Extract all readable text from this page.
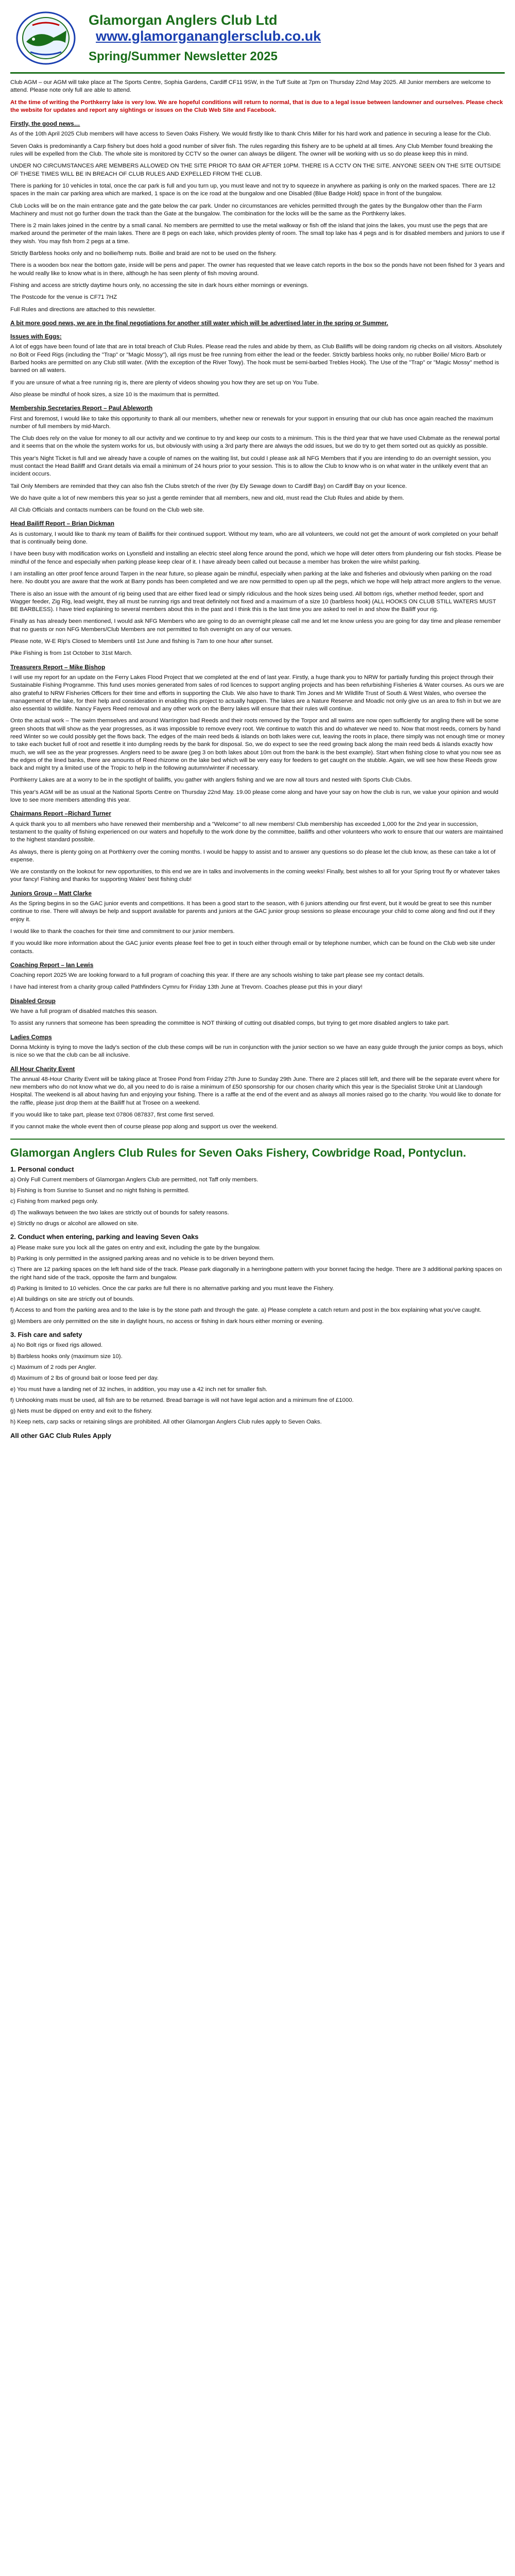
Glamorgan Anglers Club Ltd www.glamorgananglersclub.co.uk
Spring/Summer Newsletter 2025

Club AGM – our AGM will take place at The Sports Centre, Sophia Gardens, Cardiff CF11 9SW, in the Tuff Suite at 7pm on Thursday 22nd May 2025. All Junior members are welcome to attend. Please note only full are able to attend.

At the time of writing the Porthkerry lake is very low. We are hopeful conditions will return to normal, that is due to a legal issue between landowner and ourselves. Please check the website for updates and report any sightings or issues on the Club Web Site and Facebook.

Firstly, the good news…

As of the 10th April 2025 Club members will have access to Seven Oaks Fishery. We would firstly like to thank Chris Miller for his hard work and patience in securing a lease for the Club.

Seven Oaks is predominantly a Carp fishery but does hold a good number of silver fish. The rules regarding this fishery are to be upheld at all times. Any Club Member found breaking the rules will be expelled from the Club. The whole site is monitored by CCTV so the owner can always be diligent. The owner will be working with us so do please keep this in mind.

UNDER NO CIRCUMSTANCES ARE MEMBERS ALLOWED ON THE SITE PRIOR TO 8AM OR AFTER 10PM. THERE IS A CCTV ON THE SITE. ANYONE SEEN ON THE SITE OUTSIDE OF THESE TIMES WILL BE IN BREACH OF CLUB RULES AND EXPELLED FROM THE CLUB.

There is parking for 10 vehicles in total, once the car park is full and you turn up, you must leave and not try to squeeze in anywhere as parking is only on the marked spaces. There are 12 spaces in the main car parking area which are marked, 1 space is on the ice road at the bungalow and one Disabled (Blue Badge Hold) space in front of the bungalow.

Club Locks will be on the main entrance gate and the gate below the car park. Under no circumstances are vehicles permitted through the gates by the Bungalow other than the Farm Machinery and must not go further down the track than the Gate at the bungalow. The combination for the locks will be the same as the Porthkerry lakes.

There is 2 main lakes joined in the centre by a small canal. No members are permitted to use the metal walkway or fish off the island that joins the lakes, you must use the pegs that are marked around the perimeter of the main lakes. There are 8 pegs on each lake, which provides plenty of room. The small top lake has 4 pegs and is for disabled members and juniors to use if they wish. You may fish from 2 pegs at a time.

Strictly Barbless hooks only and no boilie/hemp nuts. Boilie and braid are not to be used on the fishery.

There is a wooden box near the bottom gate, inside will be pens and paper. The owner has requested that we leave catch reports in the box so the ponds have not been fished for 3 years and he would really like to know what is in there, although he has seen plenty of fish moving around.

Fishing and access are strictly daytime hours only, no accessing the site in dark hours either mornings or evenings.

The Postcode for the venue is CF71 7HZ

Full Rules and directions are attached to this newsletter.

A bit more good news, we are in the final negotiations for another still water which will be advertised later in the spring or Summer.
Issues with Eggs:

A lot of eggs have been found of late that are in total breach of Club Rules. Please read the rules and abide by them, as Club Bailiffs will be doing random rig checks on all visitors. Absolutely no Bolt or Feed Rigs (including the "Trap" or "Magic Mossy"), all rigs must be free running from either the lead or the feeder. Strictly barbless hooks only, no rubber Boilie/ Micro Barb or Barbed hooks are permitted on any Club still water. (With the exception of the River Towy). The hook must be semi-barbed Trebles Hook). The Use of the "Trap" or "Magic Mossy" method is banned on all waters.

If you are unsure of what a free running rig is, there are plenty of videos showing you how they are set up on You Tube.

Also please be mindful of hook sizes, a size 10 is the maximum that is permitted.

Membership Secretaries Report – Paul Ableworth

First and foremost, I would like to take this opportunity to thank all our members, whether new or renewals for your support in ensuring that our club has once again reached the maximum number of full members by mid-March.

The Club does rely on the value for money to all our activity and we continue to try and keep our costs to a minimum. This is the third year that we have used Clubmate as the renewal portal and it seems that on the whole the system works for us, but obviously with using a 3rd party there are always the odd issues, but we do try to get them sorted out as quickly as possible.

This year's Night Ticket is full and we already have a couple of names on the waiting list, but could I please ask all NFG Members that if you are intending to do an overnight session, you must contact the Head Bailiff and Grant details via email a minimum of 24 hours prior to your session. This is to allow the Club to know who is on what water in the unlikely event that an incident occurs.

Tail Only Members are reminded that they can also fish the Clubs stretch of the river (by Ely Sewage down to Cardiff Bay) on Cardiff Bay on your licence.

We do have quite a lot of new members this year so just a gentle reminder that all members, new and old, must read the Club Rules and abide by them.

All Club Officials and contacts numbers can be found on the Club web site.

Head Bailiff Report – Brian Dickman

As is customary, I would like to thank my team of Bailiffs for their continued support. Without my team, who are all volunteers, we could not get the amount of work completed on your behalf that is continually being done.

I have been busy with modification works on Lyonsfield and installing an electric steel along fence around the pond, which we hope will deter otters from plundering our fish stocks. Please be mindful of the fence and especially when parking please keep clear of it. I have already been called out because a member has broken the wire whilst parking.

I am installing an otter proof fence around Tarpen in the near future, so please again be mindful, especially when parking at the lake and fisheries and obviously when parking on the road here. No doubt you are aware that the work at Barry ponds has been completed and we are now permitted to open up all the pegs, which we hope will help attract more anglers to the venue.

There is also an issue with the amount of rig being used that are either fixed lead or simply ridiculous and the hook sizes being used. All bottom rigs, whether method feeder, sport and Wagger feeder, Zig Rig, lead weight, they all must be running rigs and treat definitely not fixed and a maximum of a size 10 (barbless hook) (ALL HOOKS ON CLUB STILL WATERS MUST BE BARBLESS). I have tried explaining to several members about this in the past and I think this is the last time you are asked to reel in and show the Bailiff your rig.

Finally as has already been mentioned, I would ask NFG Members who are going to do an overnight please call me and let me know unless you are going for day time and please remember that no guests or non NFG Members/Club Members are not permitted to fish overnight on any of our venues.

Please note, W-E Rip's Closed to Members until 1st June and fishing is 7am to one hour after sunset.

Pike Fishing is from 1st October to 31st March.

Treasurers Report – Mike Bishop

I will use my report for an update on the Ferry Lakes Flood Project that we completed at the end of last year. Firstly, a huge thank you to NRW for partially funding this project through their Sustainable Fishing Programme. This fund uses monies generated from sales of rod licences to support angling projects and has been refurbishing Fisheries & Water courses. As ours we are also grateful to NRW Fisheries Officers for their time and efforts in supporting the Club. We also have to thank Tim Jones and Mr Wildlife Trust of South & West Wales, who oversee the management of the lake, for their help and consideration in enabling this project to actually happen. The lakes are a Nature Reserve and Moadic not only give us an area to fish in but we are also essential to wildlife. Nancy Fayers Reed removal and any other work on the Berry lakes will ensure that their rules will continue.

Onto the actual work – The swim themselves and around Warrington bad Reeds and their roots removed by the Torpor and all swims are now open sufficiently for angling there will be some green shoots that will show as the year progresses, as it was impossible to remove every root. We continue to watch this and do whatever we need to. Now that most reeds, corners by hand reed Winter so we could possibly get the flows back. The edges of the main reed beds & islands on both lakes were cut, leaving the roots in place, there simply was not enough time or money to take each bucket full of root and resettle it into dumpling reeds by the bank for disposal. So, we do expect to see the reed growing back along the main reed beds & islands exactly how much, we will see as the year progresses. Anglers need to be aware (peg 3 on both lakes about 10m out from the bank is the best example). Start when fishing close to what you now see as the edges of the lined banks, there are amounts of Reed rhizome on the lake bed which will be very easy for feeders to get caught on the stubble. Again, we will see how these Reeds grow back and might try a limited use of the Tropic to help in the following autumn/winter if necessary.

Porthkerry Lakes are at a worry to be in the spotlight of bailiffs, you gather with anglers fishing and we are now all tours and nested with Sports Club Clubs.

This year's AGM will be as usual at the National Sports Centre on Thursday 22nd May. 19.00 please come along and have your say on how the club is run, we value your opinion and would love to see more members attending this year.

Chairmans Report –Richard Turner

A quick thank you to all members who have renewed their membership and a "Welcome" to all new members! Club membership has exceeded 1,000 for the 2nd year in succession, testament to the quality of fishing experienced on our waters and hopefully to the work done by the committee, bailiffs and other volunteers who work to ensure that our waters are maintained to the highest standard possible.

As always, there is plenty going on at Porthkerry over the coming months. I would be happy to assist and to answer any questions so do please let the club know, as these can take a lot of expense.

We are constantly on the lookout for new opportunities, to this end we are in talks and involvements in the coming weeks! Finally, best wishes to all for your Spring trout fly or whatever takes your fancy! Fishing and thanks for supporting Wales' best fishing club!

Juniors Group – Matt Clarke

As the Spring begins in so the GAC junior events and competitions. It has been a good start to the season, with 6 juniors attending our first event, but it would be great to see this number continue to rise. There will always be help and support available for parents and juniors at the GAC junior group sessions so please encourage your child to come along and find out if they enjoy it.

I would like to thank the coaches for their time and commitment to our junior members.

If you would like more information about the GAC junior events please feel free to get in touch either through email or by telephone number, which can be found on the Club web site under contacts.

Coaching Report – Ian Lewis

Coaching report 2025 We are looking forward to a full program of coaching this year. If there are any schools wishing to take part please see my contact details.

I have had interest from a charity group called Pathfinders Cymru for Friday 13th June at Trevorn. Coaches please put this in your diary!

Disabled Group

We have a full program of disabled matches this season.

To assist any runners that someone has been spreading the committee is NOT thinking of cutting out disabled comps, but trying to get more disabled anglers to take part.

Ladies Comps

Donna Mckinty is trying to move the lady's section of the club these comps will be run in conjunction with the junior section so we have an easy guide through the junior comps as boys, which is nice so we that the club can be all inclusive.

All Hour Charity Event

The annual 48-Hour Charity Event will be taking place at Trosee Pond from Friday 27th June to Sunday 29th June. There are 2 places still left, and there will be the separate event where for new members who do not know what we do, all you need to do is raise a minimum of £50 sponsorship for our chosen charity which this year is the Specialist Stroke Unit at Llandough Hospital. The weekend is all about having fun and enjoying your fishing. There is a raffle at the end of the event and as always all monies raised go to the charity. You would like to donate for the raffle, please just drop them at the Bailiff hut at Trosee on a weekend.

If you would like to take part, please text 07806 087837, first come first served.

If you cannot make the whole event then of course please pop along and support us over the weekend.

Glamorgan Anglers Club Rules for Seven Oaks Fishery, Cowbridge Road, Pontyclun.
1. Personal conduct
a) Only Full Current members of Glamorgan Anglers Club are permitted, not Taff only members.
b) Fishing is from Sunrise to Sunset and no night fishing is permitted.
c) Fishing from marked pegs only.
d) The walkways between the two lakes are strictly out of bounds for safety reasons.
e) Strictly no drugs or alcohol are allowed on site.
2. Conduct when entering, parking and leaving Seven Oaks
a) Please make sure you lock all the gates on entry and exit, including the gate by the bungalow.
b) Parking is only permitted in the assigned parking areas and no vehicle is to be driven beyond them.
c) There are 12 parking spaces on the left hand side of the track. Please park diagonally in a herringbone pattern with your bonnet facing the hedge. There are 3 additional parking spaces on the right hand side of the track, opposite the farm and bungalow.
d) Parking is limited to 10 vehicles. Once the car parks are full there is no alternative parking and you must leave the Fishery.
e) All buildings on site are strictly out of bounds.
f) Access to and from the parking area and to the lake is by the stone path and through the gate. a) Please complete a catch return and post in the box explaining what you've caught.
g) Members are only permitted on the site in daylight hours, no access or fishing in dark hours either morning or evening.
3. Fish care and safety
a) No Bolt rigs or fixed rigs allowed.
b) Barbless hooks only (maximum size 10).
c) Maximum of 2 rods per Angler.
d) Maximum of 2 lbs of ground bait or loose feed per day.
e) You must have a landing net of 32 inches, in addition, you may use a 42 inch net for smaller fish.
f) Unhooking mats must be used, all fish are to be returned. Bread barrage is will not have legal action and a minimum fine of £1000.
g) Nets must be dipped on entry and exit to the fishery.
h) Keep nets, carp sacks or retaining slings are prohibited. All other Glamorgan Anglers Club rules apply to Seven Oaks.
All other GAC Club Rules Apply
